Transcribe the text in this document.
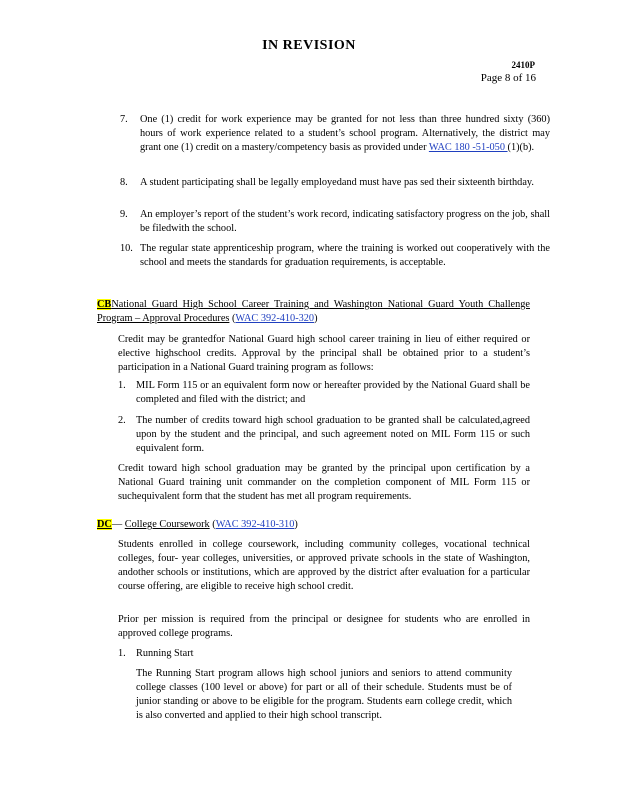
IN REVISION
2410P
Page 8 of 16
7. One (1) credit for work experience may be granted for not less than three hundred sixty (360) hours of work experience related to a student’s school program. Alternatively, the district may grant one (1) credit on a mastery/competency basis as provided under WAC 180 -51-050 (1)(b).
8. A student participating shall be legally employedand must have pas sed their sixteenth birthday.
9. An employer’s report of the student’s work record, indicating satisfactory progress on the job, shall be filedwith the school.
10. The regular state apprenticeship program, where the training is worked out cooperatively with the school and meets the standards for graduation requirements, is acceptable.
CBNational Guard High School Career Training and Washington National Guard Youth Challenge Program – Approval Procedures (WAC 392-410-320)
Credit may be grantedfor National Guard high school career training in lieu of either required or elective highschool credits. Approval by the principal shall be obtained prior to a student’s participation in a National Guard training program as follows:
1. MIL Form 115 or an equivalent form now or hereafter provided by the National Guard shall be completed and filed with the district; and
2. The number of credits toward high school graduation to be granted shall be calculated,agreed upon by the student and the principal, and such agreement noted on MIL Form 115 or such equivalent form.
Credit toward high school graduation may be granted by the principal upon certification by a National Guard training unit commander on the completion component of MIL Form 115 or suchequivalent form that the student has met all program requirements.
DC— College Coursework (WAC 392-410-310)
Students enrolled in college coursework, including community colleges, vocational technical colleges, four- year colleges, universities, or approved private schools in the state of Washington, andother schools or institutions, which are approved by the district after evaluation for a particular course offering, are eligible to receive high school credit.
Prior per mission is required from the principal or designee for students who are enrolled in approved college programs.
1. Running Start
The Running Start program allows high school juniors and seniors to attend community college classes (100 level or above) for part or all of their schedule. Students must be of junior standing or above to be eligible for the program. Students earn college credit, which is also converted and applied to their high school transcript.
